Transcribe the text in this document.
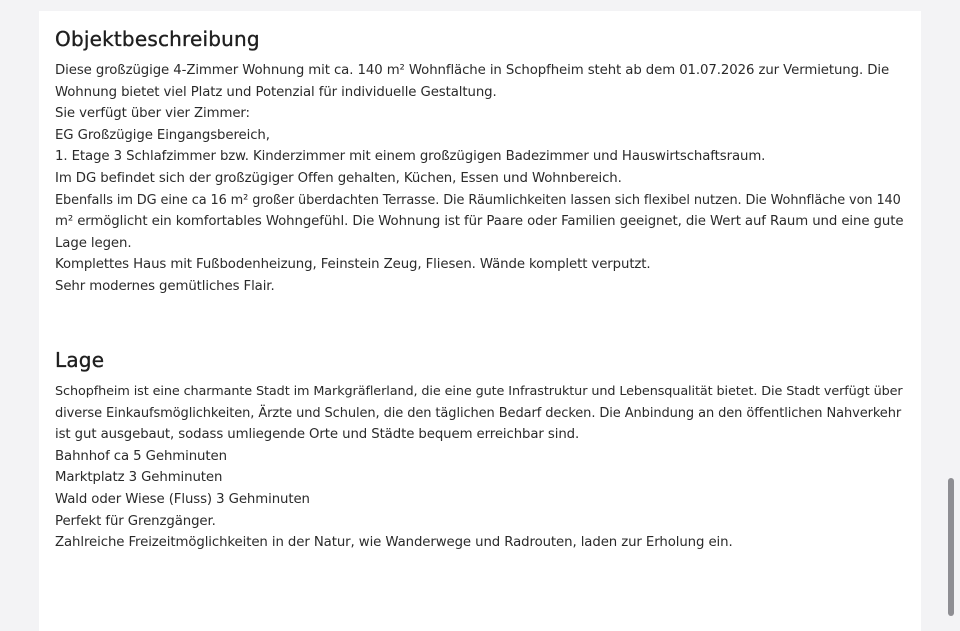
Objektbeschreibung
Diese großzügige 4-Zimmer Wohnung mit ca. 140 m² Wohnfläche in Schopfheim steht ab dem 01.07.2026 zur Vermietung. Die
Wohnung bietet viel Platz und Potenzial für individuelle Gestaltung.
Sie verfügt über vier Zimmer:
EG Großzügige Eingangsbereich,
1. Etage 3 Schlafzimmer bzw. Kinderzimmer mit einem großzügigen Badezimmer und Hauswirtschaftsraum.
Im DG befindet sich der großzügiger Offen gehalten, Küchen, Essen und Wohnbereich.
Ebenfalls im DG eine ca 16 m² großer überdachten Terrasse. Die Räumlichkeiten lassen sich flexibel nutzen. Die Wohnfläche von 140
m² ermöglicht ein komfortables Wohngefühl. Die Wohnung ist für Paare oder Familien geeignet, die Wert auf Raum und eine gute
Lage legen.
Komplettes Haus mit Fußbodenheizung, Feinstein Zeug, Fliesen. Wände komplett verputzt.
Sehr modernes gemütliches Flair.
Lage
Schopfheim ist eine charmante Stadt im Markgräflerland, die eine gute Infrastruktur und Lebensqualität bietet. Die Stadt verfügt über
diverse Einkaufsmöglichkeiten, Ärzte und Schulen, die den täglichen Bedarf decken. Die Anbindung an den öffentlichen Nahverkehr
ist gut ausgebaut, sodass umliegende Orte und Städte bequem erreichbar sind.
Bahnhof ca 5 Gehminuten
Marktplatz 3 Gehminuten
Wald oder Wiese (Fluss) 3 Gehminuten
Perfekt für Grenzgänger.
Zahlreiche Freizeitmöglichkeiten in der Natur, wie Wanderwege und Radrouten, laden zur Erholung ein.
